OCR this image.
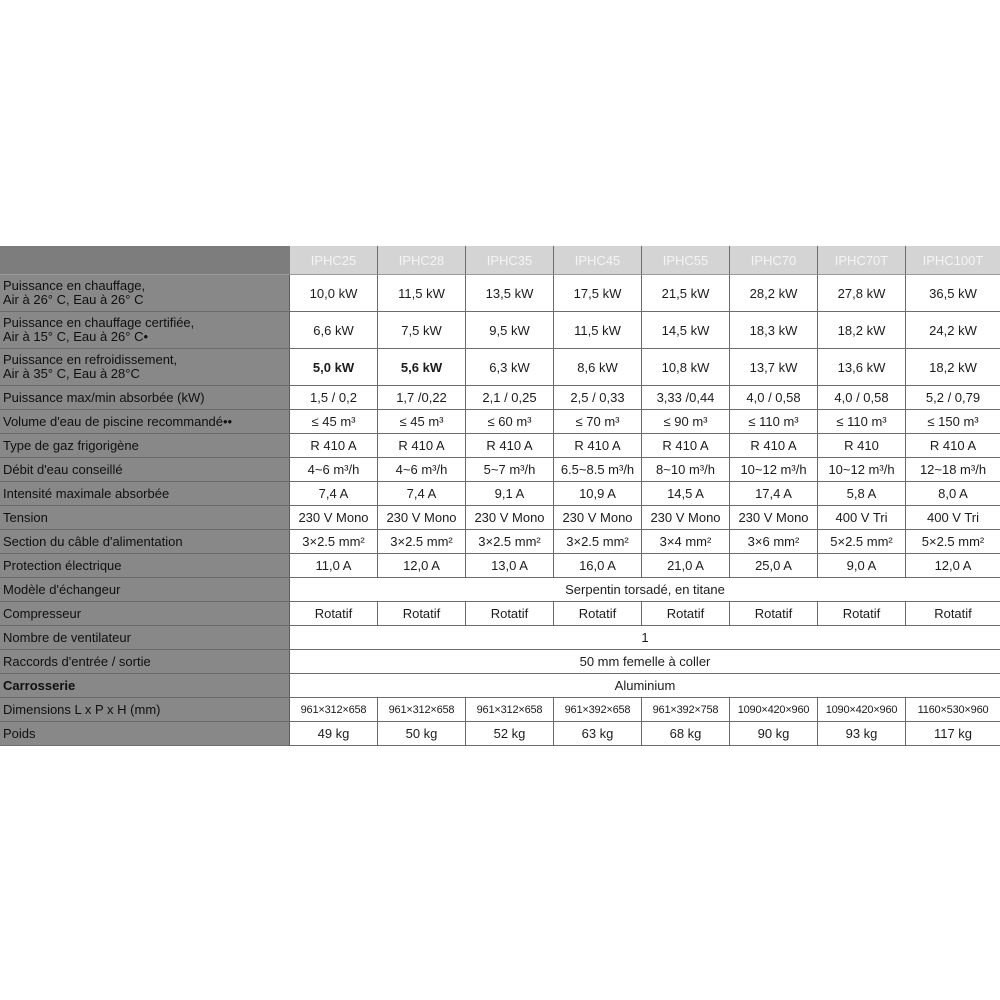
	IPHC25	IPHC28	IPHC35	IPHC45	IPHC55	IPHC70	IPHC70T	IPHC100T

Puissance en chauffage,
Air à 26° C, Eau à 26° C	10,0 kW	11,5 kW	13,5 kW	17,5 kW	21,5 kW	28,2 kW	27,8 kW	36,5 kW

Puissance en chauffage certifiée,
Air à 15° C, Eau à 26° C•	6,6 kW	7,5 kW	9,5 kW	11,5 kW	14,5 kW	18,3 kW	18,2 kW	24,2 kW

Puissance en refroidissement,
Air à 35° C, Eau à 28°C	5,0 kW	5,6 kW	6,3 kW	8,6 kW	10,8 kW	13,7 kW	13,6 kW	18,2 kW

Puissance max/min absorbée (kW)	1,5 / 0,2	1,7 /0,22	2,1 / 0,25	2,5 / 0,33	3,33 /0,44	4,0 / 0,58	4,0 / 0,58	5,2 / 0,79

Volume d'eau de piscine recommandé••	≤ 45 m³	≤ 45 m³	≤ 60 m³	≤ 70 m³	≤ 90 m³	≤ 110 m³	≤ 110 m³	≤ 150 m³

Type de gaz frigorigène	R 410 A	R 410 A	R 410 A	R 410 A	R 410 A	R 410 A	R 410	R 410 A

Débit d'eau conseillé	4~6 m³/h	4~6 m³/h	5~7 m³/h	6.5~8.5 m³/h	8~10 m³/h	10~12 m³/h	10~12 m³/h	12~18 m³/h

Intensité maximale absorbée	7,4 A	7,4 A	9,1 A	10,9 A	14,5 A	17,4 A	5,8 A	8,0 A

Tension	230 V Mono	230 V Mono	230 V Mono	230 V Mono	230 V Mono	230 V Mono	400 V Tri	400 V Tri

Section du câble d'alimentation	3×2.5 mm²	3×2.5 mm²	3×2.5 mm²	3×2.5 mm²	3×4 mm²	3×6 mm²	5×2.5 mm²	5×2.5 mm²

Protection électrique	11,0 A	12,0 A	13,0 A	16,0 A	21,0 A	25,0 A	9,0 A	12,0 A

Modèle d'échangeur	Serpentin torsadé, en titane							

Compresseur	Rotatif	Rotatif	Rotatif	Rotatif	Rotatif	Rotatif	Rotatif	Rotatif

Nombre de ventilateur	1							

Raccords d'entrée / sortie	50 mm femelle à coller							

Carrosserie	Aluminium							

Dimensions L x P x H (mm)	961×312×658	961×312×658	961×312×658	961×392×658	961×392×758	1090×420×960	1090×420×960	1160×530×960

Poids	49 kg	50 kg	52 kg	63 kg	68 kg	90 kg	93 kg	117 kg
